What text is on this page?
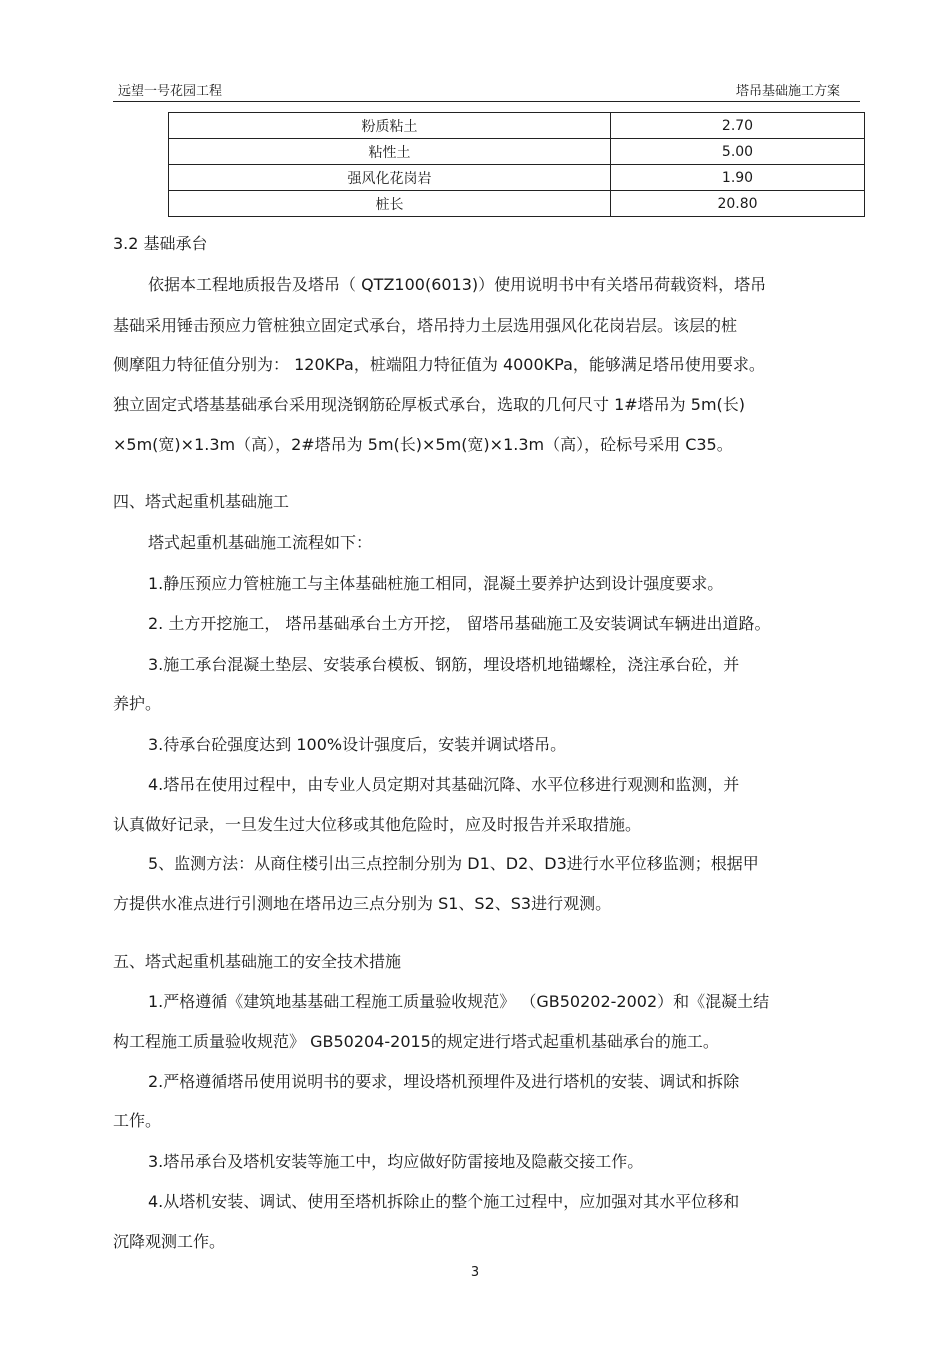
远望一号花园工程	塔吊基础施工方案
粉质粘土	2.70
粘性土	5.00
强风化花岗岩	1.90
桩长	20.80
3.2 基础承台
依据本工程地质报告及塔吊（ QTZ100(6013)）使用说明书中有关塔吊荷载资料，塔吊
基础采用锤击预应力管桩独立固定式承台，塔吊持力土层选用强风化花岗岩层。该层的桩
侧摩阻力特征值分别为： 120KPa，桩端阻力特征值为 4000KPa，能够满足塔吊使用要求。
独立固定式塔基基础承台采用现浇钢筋砼厚板式承台，选取的几何尺寸 1#塔吊为 5m(长)
×5m(宽)×1.3m（高），2#塔吊为 5m(长)×5m(宽)×1.3m（高），砼标号采用 C35。
四、塔式起重机基础施工
塔式起重机基础施工流程如下：
1.静压预应力管桩施工与主体基础桩施工相同，混凝土要养护达到设计强度要求。
2. 土方开挖施工， 塔吊基础承台土方开挖， 留塔吊基础施工及安装调试车辆进出道路。
3.施工承台混凝土垫层、安装承台模板、钢筋，埋设塔机地锚螺栓，浇注承台砼，并
养护。
3.待承台砼强度达到 100%设计强度后，安装并调试塔吊。
4.塔吊在使用过程中，由专业人员定期对其基础沉降、水平位移进行观测和监测，并
认真做好记录，一旦发生过大位移或其他危险时，应及时报告并采取措施。
5、监测方法：从商住楼引出三点控制分别为 D1、D2、D3进行水平位移监测；根据甲
方提供水准点进行引测地在塔吊边三点分别为 S1、S2、S3进行观测。
五、塔式起重机基础施工的安全技术措施
1.严格遵循《建筑地基基础工程施工质量验收规范》 （GB50202-2002）和《混凝土结
构工程施工质量验收规范》 GB50204-2015的规定进行塔式起重机基础承台的施工。
2.严格遵循塔吊使用说明书的要求，埋设塔机预埋件及进行塔机的安装、调试和拆除
工作。
3.塔吊承台及塔机安装等施工中，均应做好防雷接地及隐蔽交接工作。
4.从塔机安装、调试、使用至塔机拆除止的整个施工过程中，应加强对其水平位移和
沉降观测工作。
3
